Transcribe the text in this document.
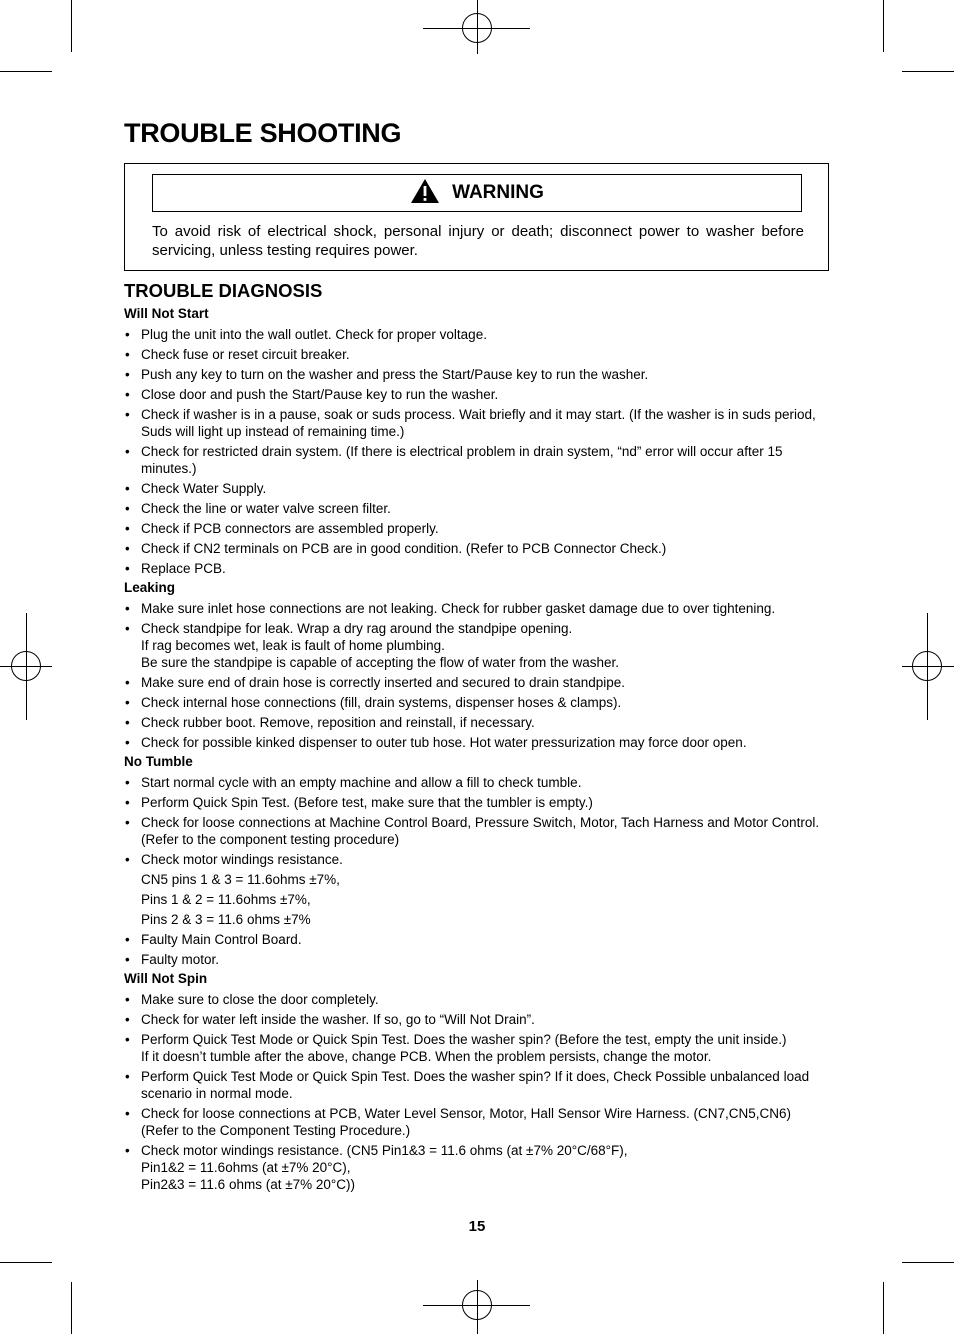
TROUBLE SHOOTING
WARNING

To avoid risk of electrical shock, personal injury or death; disconnect power to washer before servicing, unless testing requires power.

TROUBLE DIAGNOSIS
Will Not Start
• Plug the unit into the wall outlet. Check for proper voltage.
• Check fuse or reset circuit breaker.
• Push any key to turn on the washer and press the Start/Pause key to run the washer.
• Close door and push the Start/Pause key to run the washer.
• Check if washer is in a pause, soak or suds process. Wait briefly and it may start. (If the washer is in suds period, Suds will light up instead of remaining time.)
• Check for restricted drain system. (If there is electrical problem in drain system, “nd” error will occur after 15 minutes.)
• Check Water Supply.
• Check the line or water valve screen filter.
• Check if PCB connectors are assembled properly.
• Check if CN2 terminals on PCB are in good condition. (Refer to PCB Connector Check.)
• Replace PCB.
Leaking
• Make sure inlet hose connections are not leaking. Check for rubber gasket damage due to over tightening.
• Check standpipe for leak. Wrap a dry rag around the standpipe opening.
If rag becomes wet, leak is fault of home plumbing.
Be sure the standpipe is capable of accepting the flow of water from the washer.
• Make sure end of drain hose is correctly inserted and secured to drain standpipe.
• Check internal hose connections (fill, drain systems, dispenser hoses & clamps).
• Check rubber boot. Remove, reposition and reinstall, if necessary.
• Check for possible kinked dispenser to outer tub hose. Hot water pressurization may force door open.
No Tumble
• Start normal cycle with an empty machine and allow a fill to check tumble.
• Perform Quick Spin Test. (Before test, make sure that the tumbler is empty.)
• Check for loose connections at Machine Control Board, Pressure Switch, Motor, Tach Harness and Motor Control. (Refer to the component testing procedure)
• Check motor windings resistance.
CN5 pins 1 & 3 = 11.6ohms ±7%,
Pins 1 & 2 = 11.6ohms ±7%,
Pins 2 & 3 = 11.6 ohms ±7%
• Faulty Main Control Board.
• Faulty motor.
Will Not Spin
• Make sure to close the door completely.
• Check for water left inside the washer. If so, go to “Will Not Drain”.
• Perform Quick Test Mode or Quick Spin Test. Does the washer spin? (Before the test, empty the unit inside.)
If it doesn’t tumble after the above, change PCB. When the problem persists, change the motor.
• Perform Quick Test Mode or Quick Spin Test. Does the washer spin? If it does, Check Possible unbalanced load scenario in normal mode.
• Check for loose connections at PCB, Water Level Sensor, Motor, Hall Sensor Wire Harness. (CN7,CN5,CN6) (Refer to the Component Testing Procedure.)
• Check motor windings resistance. (CN5 Pin1&3 = 11.6 ohms (at ±7% 20°C/68°F),
Pin1&2 = 11.6ohms (at ±7% 20°C),
Pin2&3 = 11.6 ohms (at ±7% 20°C))
15
